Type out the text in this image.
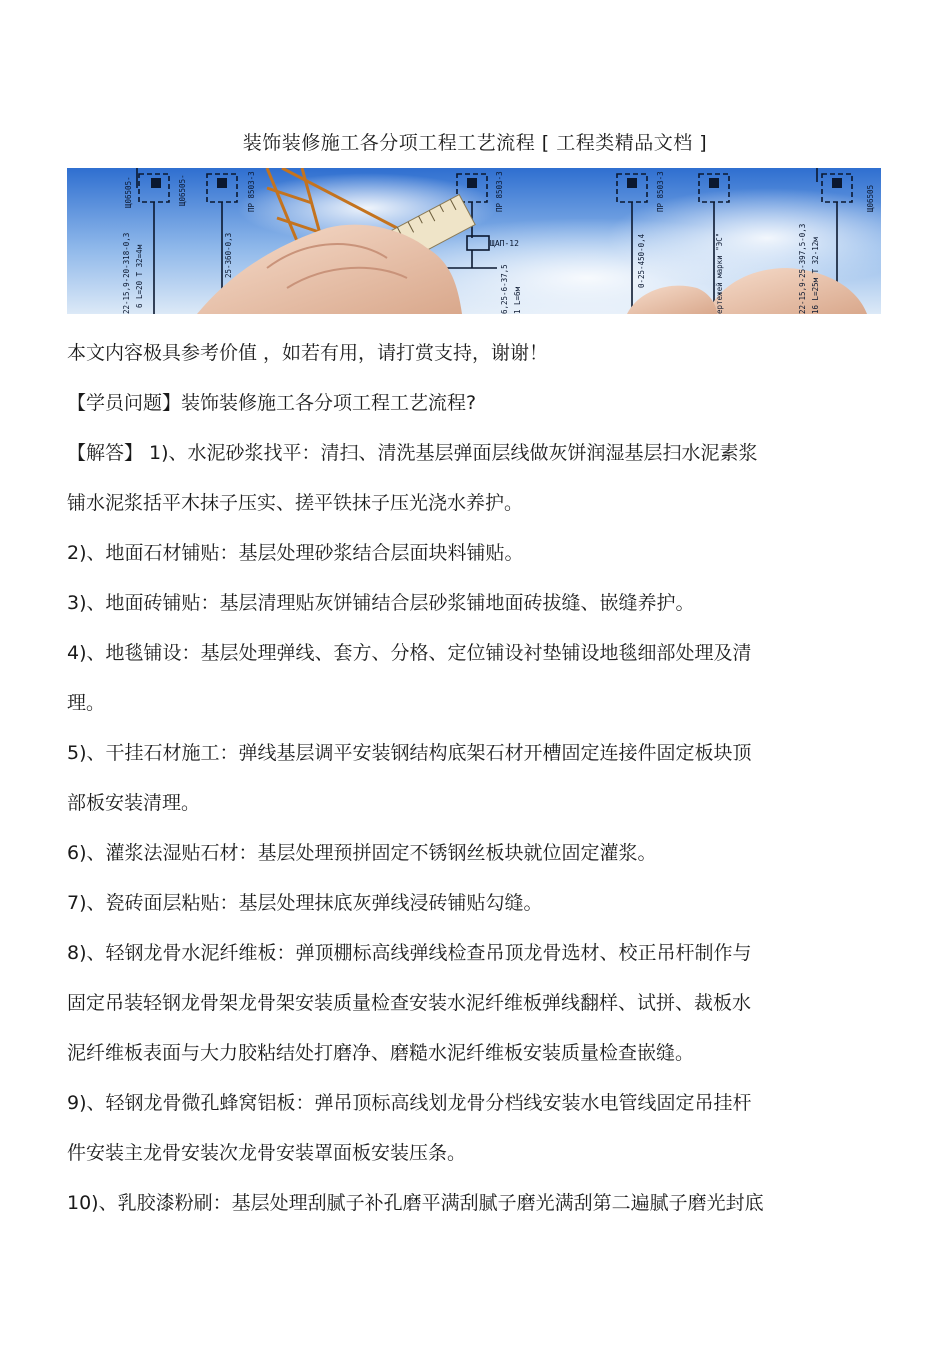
装饰装修施工各分项工程工艺流程 [ 工程类精品文档 ]
Щ06505-	Щ06505-	ПР 8503-3	ПР 8503-3	ПР 8503-3
ЩАП-12
25-360-0,3
22-15,9-20-318-0,3 6 L=20 T 32=4м	6,25-6-37,5 1 L=6м
0-25-450-0,4	ертежей марки "ЭС"	22-15,9-25-397,5-0,3 16 L=25м T 32-12м
Щ06505

本文内容极具参考价值 ，如若有用，请打赏支持，谢谢！

【学员问题】装饰装修施工各分项工程工艺流程?

【解答】 1)、水泥砂浆找平：清扫、清洗基层弹面层线做灰饼润湿基层扫水泥素浆

铺水泥浆括平木抹子压实、搓平铁抹子压光浇水养护。

2)、地面石材铺贴：基层处理砂浆结合层面块料铺贴。

3)、地面砖铺贴：基层清理贴灰饼铺结合层砂浆铺地面砖拔缝、嵌缝养护。

4)、地毯铺设：基层处理弹线、套方、分格、定位铺设衬垫铺设地毯细部处理及清

理。

5)、干挂石材施工：弹线基层调平安装钢结构底架石材开槽固定连接件固定板块顶

部板安装清理。

6)、灌浆法湿贴石材：基层处理预拼固定不锈钢丝板块就位固定灌浆。

7)、瓷砖面层粘贴：基层处理抹底灰弹线浸砖铺贴勾缝。

8)、轻钢龙骨水泥纤维板：弹顶棚标高线弹线检查吊顶龙骨选材、校正吊杆制作与

固定吊装轻钢龙骨架龙骨架安装质量检查安装水泥纤维板弹线翻样、试拼、裁板水

泥纤维板表面与大力胶粘结处打磨净、磨糙水泥纤维板安装质量检查嵌缝。

9)、轻钢龙骨微孔蜂窝铝板：弹吊顶标高线划龙骨分档线安装水电管线固定吊挂杆

件安装主龙骨安装次龙骨安装罩面板安装压条。

10)、乳胶漆粉刷：基层处理刮腻子补孔磨平满刮腻子磨光满刮第二遍腻子磨光封底
